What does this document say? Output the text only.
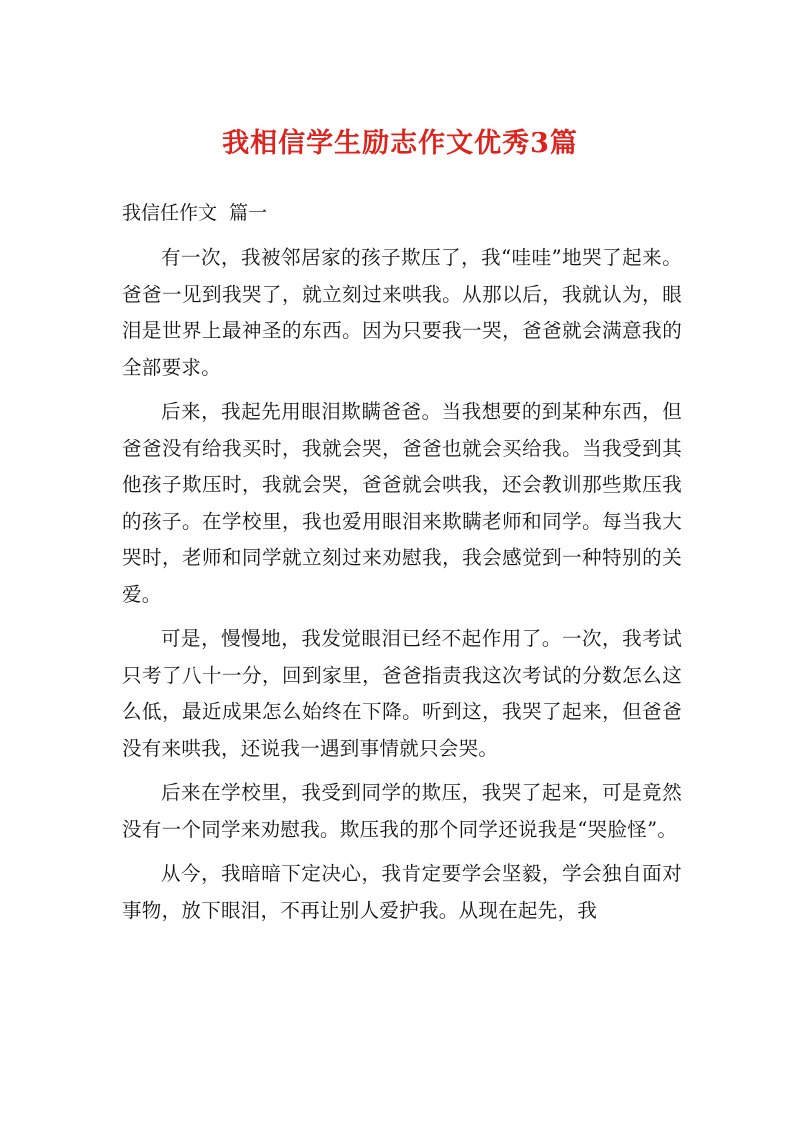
我相信学生励志作文优秀3篇

我信任作文  篇一

有一次，我被邻居家的孩子欺压了，我“哇哇”地哭了起来。爸爸一见到我哭了，就立刻过来哄我。从那以后，我就认为，眼泪是世界上最神圣的东西。因为只要我一哭，爸爸就会满意我的全部要求。

后来，我起先用眼泪欺瞒爸爸。当我想要的到某种东西，但爸爸没有给我买时，我就会哭，爸爸也就会买给我。当我受到其他孩子欺压时，我就会哭，爸爸就会哄我，还会教训那些欺压我的孩子。在学校里，我也爱用眼泪来欺瞒老师和同学。每当我大哭时，老师和同学就立刻过来劝慰我，我会感觉到一种特别的关爱。

可是，慢慢地，我发觉眼泪已经不起作用了。一次，我考试只考了八十一分，回到家里，爸爸指责我这次考试的分数怎么这么低，最近成果怎么始终在下降。听到这，我哭了起来，但爸爸没有来哄我，还说我一遇到事情就只会哭。

后来在学校里，我受到同学的欺压，我哭了起来，可是竟然没有一个同学来劝慰我。欺压我的那个同学还说我是“哭脸怪”。

从今，我暗暗下定决心，我肯定要学会坚毅，学会独自面对事物，放下眼泪，不再让别人爱护我。从现在起先，我
